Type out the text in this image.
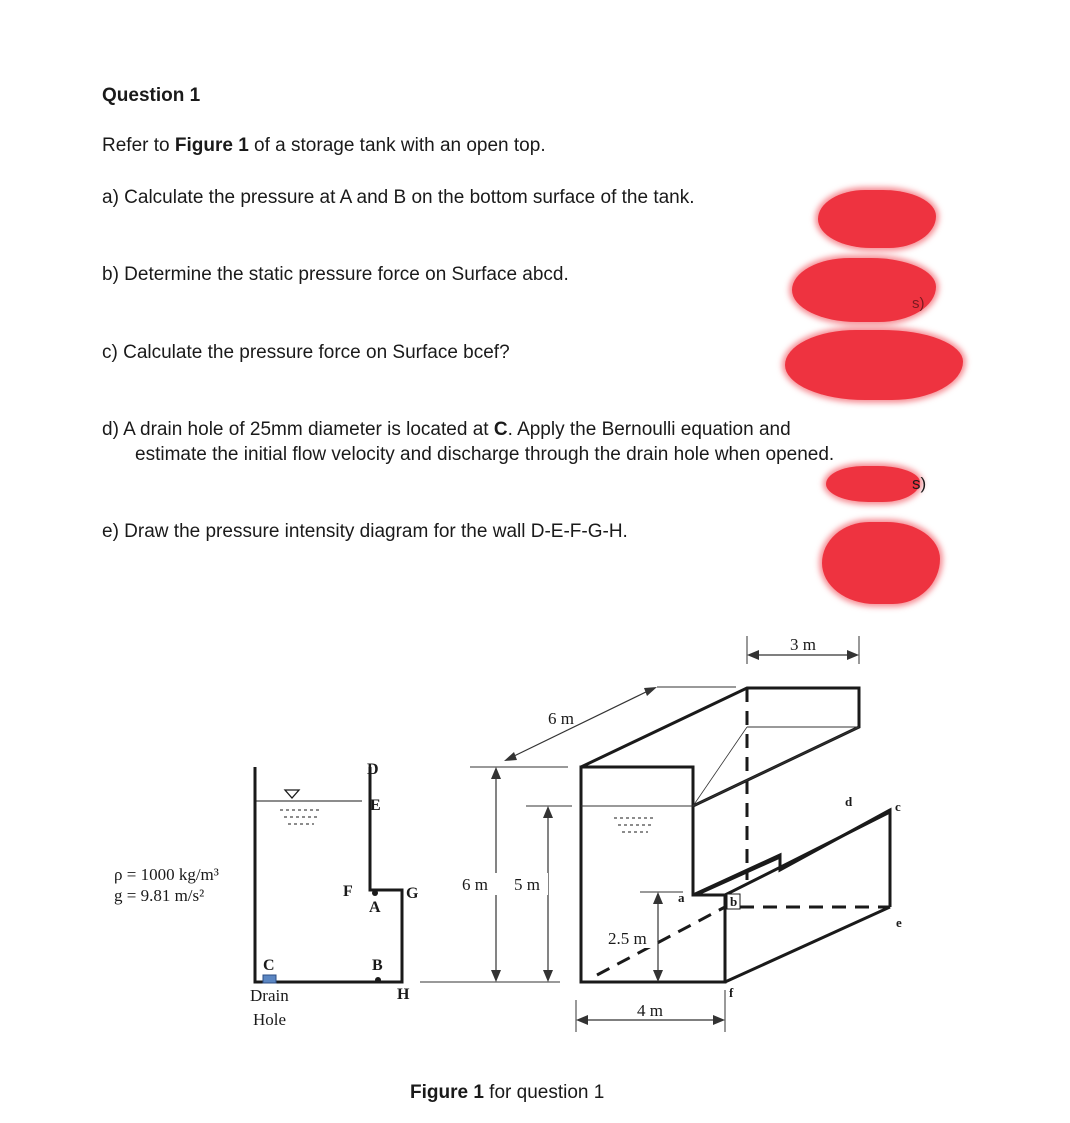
Question 1
Refer to Figure 1 of a storage tank with an open top.
a) Calculate the pressure at A and B on the bottom surface of the tank.
b) Determine the static pressure force on Surface abcd.
c) Calculate the pressure force on Surface bcef?
d) A drain hole of 25mm diameter is located at C. Apply the Bernoulli equation and
estimate the initial flow velocity and discharge through the drain hole when opened.
e) Draw the pressure intensity diagram for the wall D-E-F-G-H.
s)
s)
ρ = 1000 kg/m³
g = 9.81 m/s²
D
E
F	G
A
B
H
C
Drain
Hole
6 m 5 m
6 m
3 m
a	b
c
d
e
f
2.5 m
4 m
Figure 1 for question 1
